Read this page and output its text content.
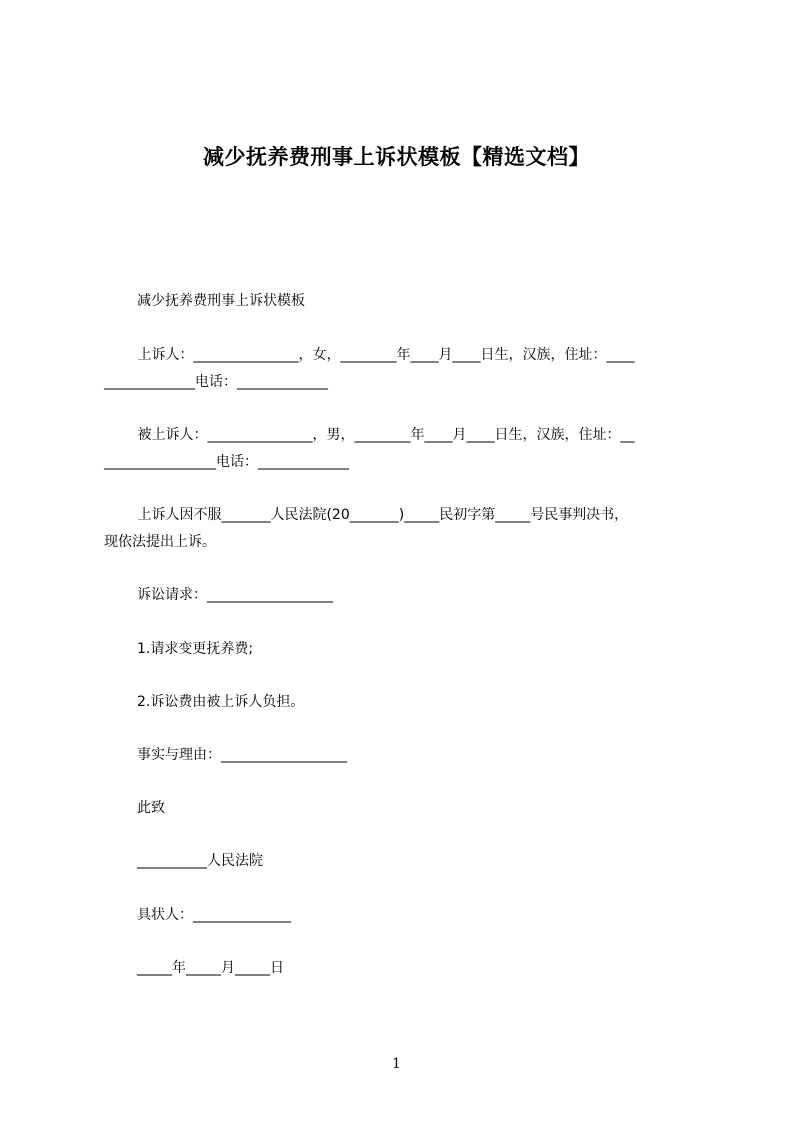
减少抚养费刑事上诉状模板【精选文档】
减少抚养费刑事上诉状模板
上诉人：_______________，女，________年____月____日生，汉族，住址：____
_____________电话：_____________
被上诉人：_______________，男，________年____月____日生，汉族，住址：__
________________电话：_____________
上诉人因不服_______人民法院(20_______)_____民初字第_____号民事判决书，
现依法提出上诉。
诉讼请求：__________________
1.请求变更抚养费;
2.诉讼费由被上诉人负担。
事实与理由：__________________
此致
__________人民法院
具状人：______________
_____年_____月_____日
1
